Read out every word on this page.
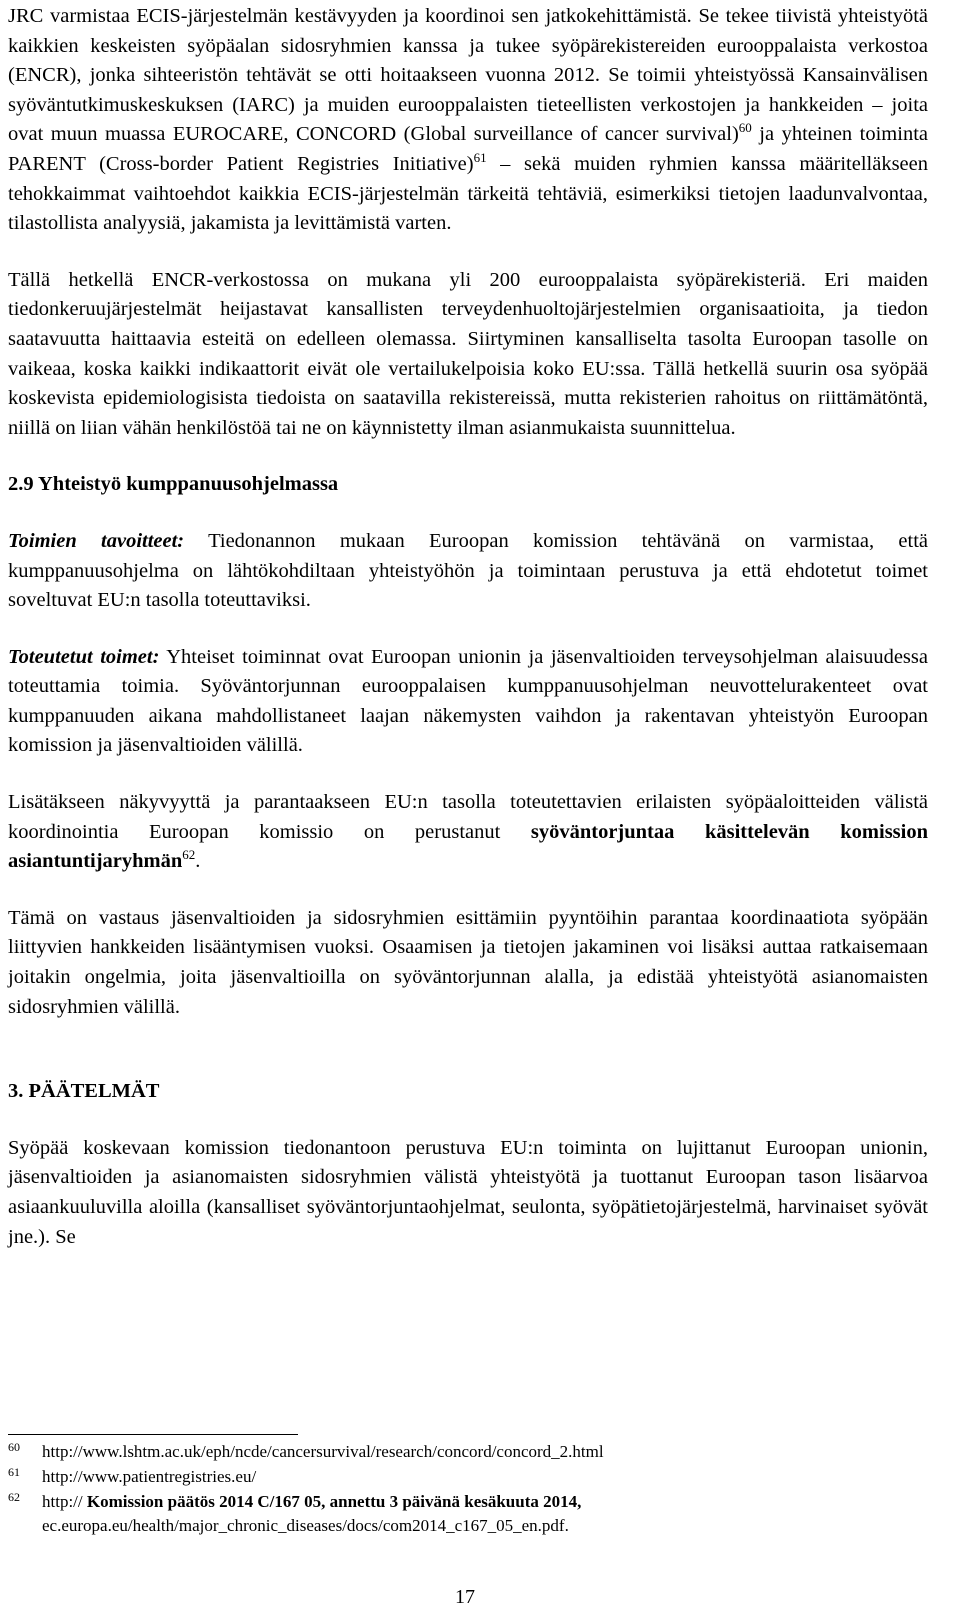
JRC varmistaa ECIS-järjestelmän kestävyyden ja koordinoi sen jatkokehittämistä. Se tekee tiivistä yhteistyötä kaikkien keskeisten syöpäalan sidosryhmien kanssa ja tukee syöpärekistereiden eurooppalaista verkostoa (ENCR), jonka sihteeristön tehtävät se otti hoitaakseen vuonna 2012. Se toimii yhteistyössä Kansainvälisen syöväntutkimuskeskuksen (IARC) ja muiden eurooppalaisten tieteellisten verkostojen ja hankkeiden – joita ovat muun muassa EUROCARE, CONCORD (Global surveillance of cancer survival)$^{60}$ ja yhteinen toiminta PARENT (Cross-border Patient Registries Initiative)$^{61}$ – sekä muiden ryhmien kanssa määritelläkseen tehokkaimmat vaihtoehdot kaikkia ECIS-järjestelmän tärkeitä tehtäviä, esimerkiksi tietojen laadunvalvontaa, tilastollista analyysiä, jakamista ja levittämistä varten.

Tällä hetkellä ENCR-verkostossa on mukana yli 200 eurooppalaista syöpärekisteriä. Eri maiden tiedonkeruujärjestelmät heijastavat kansallisten terveydenhuoltojärjestelmien organisaatioita, ja tiedon saatavuutta haittaavia esteitä on edelleen olemassa. Siirtyminen kansalliselta tasolta Euroopan tasolle on vaikeaa, koska kaikki indikaattorit eivät ole vertailukelpoisia koko EU:ssa. Tällä hetkellä suurin osa syöpää koskevista epidemiologisista tiedoista on saatavilla rekistereissä, mutta rekisterien rahoitus on riittämätöntä, niillä on liian vähän henkilöstöä tai ne on käynnistetty ilman asianmukaista suunnittelua.

2.9 Yhteistyö kumppanuusohjelmassa

Toimien tavoitteet: Tiedonannon mukaan Euroopan komission tehtävänä on varmistaa, että kumppanuusohjelma on lähtökohdiltaan yhteistyöhön ja toimintaan perustuva ja että ehdotetut toimet soveltuvat EU:n tasolla toteuttaviksi.

Toteutetut toimet: Yhteiset toiminnat ovat Euroopan unionin ja jäsenvaltioiden terveysohjelman alaisuudessa toteuttamia toimia. Syöväntorjunnan eurooppalaisen kumppanuusohjelman neuvottelurakenteet ovat kumppanuuden aikana mahdollistaneet laajan näkemysten vaihdon ja rakentavan yhteistyön Euroopan komission ja jäsenvaltioiden välillä.

Lisätäkseen näkyvyyttä ja parantaakseen EU:n tasolla toteutettavien erilaisten syöpäaloitteiden välistä koordinointia Euroopan komissio on perustanut syöväntorjuntaa käsittelevän komission asiantuntijaryhmän$^{62}$.

Tämä on vastaus jäsenvaltioiden ja sidosryhmien esittämiin pyyntöihin parantaa koordinaatiota syöpään liittyvien hankkeiden lisääntymisen vuoksi. Osaamisen ja tietojen jakaminen voi lisäksi auttaa ratkaisemaan joitakin ongelmia, joita jäsenvaltioilla on syöväntorjunnan alalla, ja edistää yhteistyötä asianomaisten sidosryhmien välillä.

3. PÄÄTELMÄT

Syöpää koskevaan komission tiedonantoon perustuva EU:n toiminta on lujittanut Euroopan unionin, jäsenvaltioiden ja asianomaisten sidosryhmien välistä yhteistyötä ja tuottanut Euroopan tason lisäarvoa asiaankuuluvilla aloilla (kansalliset syöväntorjuntaohjelmat, seulonta, syöpätietojärjestelmä, harvinaiset syövät jne.). Se

60	http://www.lshtm.ac.uk/eph/ncde/cancersurvival/research/concord/concord_2.html
61	http://www.patientregistries.eu/
62	http:// Komission päätös 2014 C/167 05, annettu 3 päivänä kesäkuuta 2014,
ec.europa.eu/health/major_chronic_diseases/docs/com2014_c167_05_en.pdf.
17
